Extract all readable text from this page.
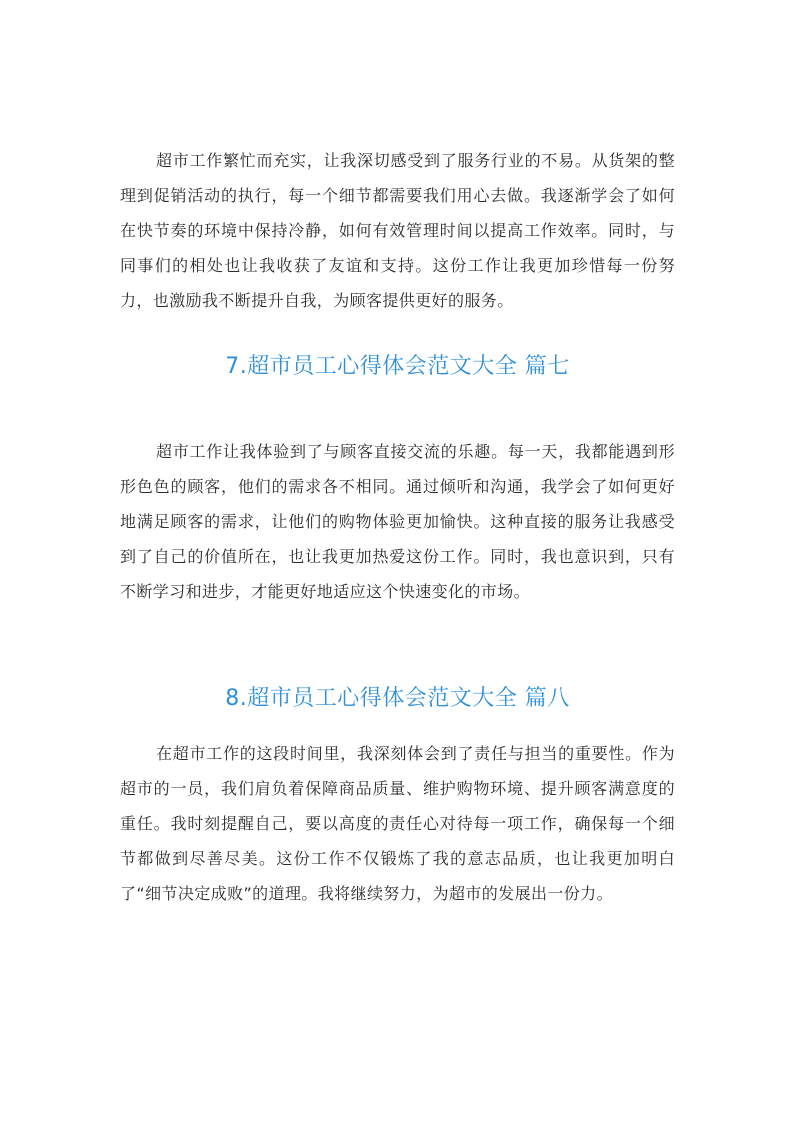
超市工作繁忙而充实，让我深切感受到了服务行业的不易。从货架的整理到促销活动的执行，每一个细节都需要我们用心去做。我逐渐学会了如何在快节奏的环境中保持冷静，如何有效管理时间以提高工作效率。同时，与同事们的相处也让我收获了友谊和支持。这份工作让我更加珍惜每一份努力，也激励我不断提升自我，为顾客提供更好的服务。

7.超市员工心得体会范文大全 篇七

超市工作让我体验到了与顾客直接交流的乐趣。每一天，我都能遇到形形色色的顾客，他们的需求各不相同。通过倾听和沟通，我学会了如何更好地满足顾客的需求，让他们的购物体验更加愉快。这种直接的服务让我感受到了自己的价值所在，也让我更加热爱这份工作。同时，我也意识到，只有不断学习和进步，才能更好地适应这个快速变化的市场。

8.超市员工心得体会范文大全 篇八

在超市工作的这段时间里，我深刻体会到了责任与担当的重要性。作为超市的一员，我们肩负着保障商品质量、维护购物环境、提升顾客满意度的重任。我时刻提醒自己，要以高度的责任心对待每一项工作，确保每一个细节都做到尽善尽美。这份工作不仅锻炼了我的意志品质，也让我更加明白了“细节决定成败”的道理。我将继续努力，为超市的发展出一份力。
